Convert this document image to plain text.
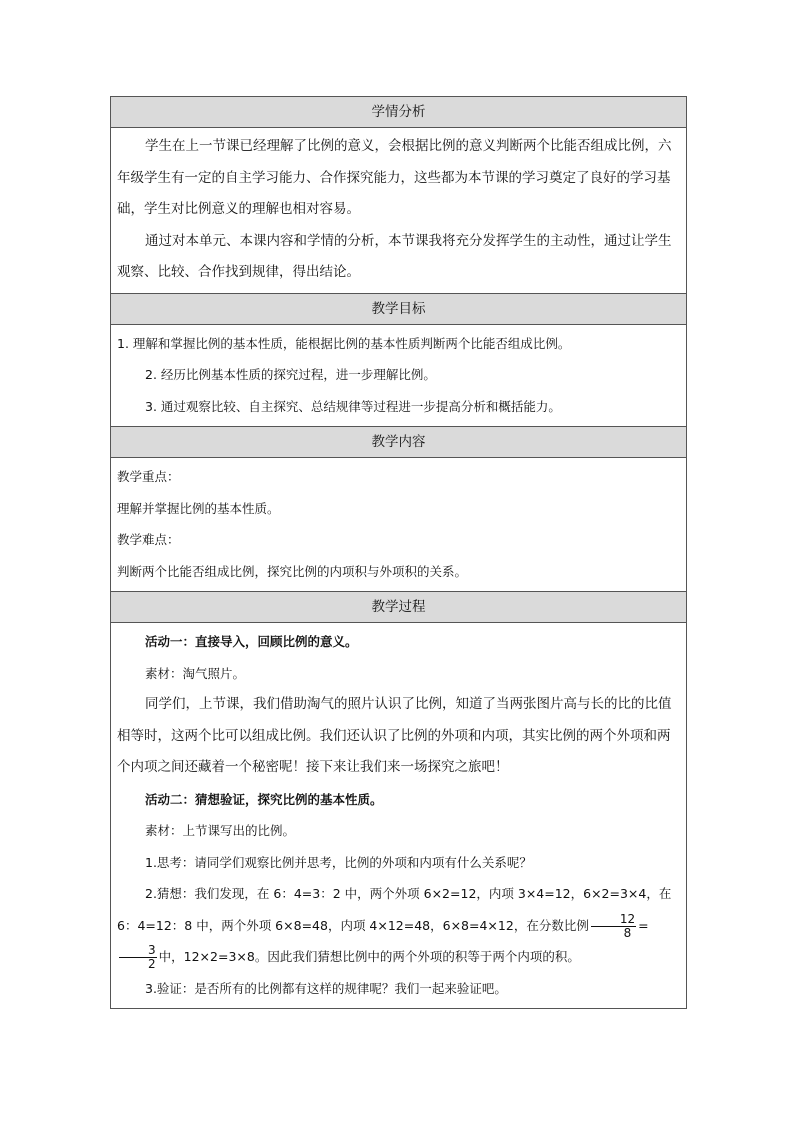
学情分析

学生在上一节课已经理解了比例的意义，会根据比例的意义判断两个比能否组成比例，六年级学生有一定的自主学习能力、合作探究能力，这些都为本节课的学习奠定了良好的学习基础，学生对比例意义的理解也相对容易。

通过对本单元、本课内容和学情的分析，本节课我将充分发挥学生的主动性，通过让学生观察、比较、合作找到规律，得出结论。

教学目标

1. 理解和掌握比例的基本性质，能根据比例的基本性质判断两个比能否组成比例。

2. 经历比例基本性质的探究过程，进一步理解比例。

3. 通过观察比较、自主探究、总结规律等过程进一步提高分析和概括能力。

教学内容

教学重点：

理解并掌握比例的基本性质。

教学难点：

判断两个比能否组成比例，探究比例的内项积与外项积的关系。

教学过程

活动一：直接导入，回顾比例的意义。

素材：淘气照片。

同学们，上节课，我们借助淘气的照片认识了比例，知道了当两张图片高与长的比的比值相等时，这两个比可以组成比例。我们还认识了比例的外项和内项，其实比例的两个外项和两个内项之间还藏着一个秘密呢！接下来让我们来一场探究之旅吧！

活动二：猜想验证，探究比例的基本性质。

素材：上节课写出的比例。

1.思考：请同学们观察比例并思考，比例的外项和内项有什么关系呢？

2.猜想：我们发现，在 6：4=3：2 中，两个外项 6×2=12，内项 3×4=12，6×2=3×4，在6：4=12：8 中，两个外项 6×8=48，内项 4×12=48，6×8=4×12，在分数比例 $\frac{12}{8}$ =
$\frac{3}{2}$ 中，12×2=3×8。因此我们猜想比例中的两个外项的积等于两个内项的积。

3.验证：是否所有的比例都有这样的规律呢？我们一起来验证吧。
